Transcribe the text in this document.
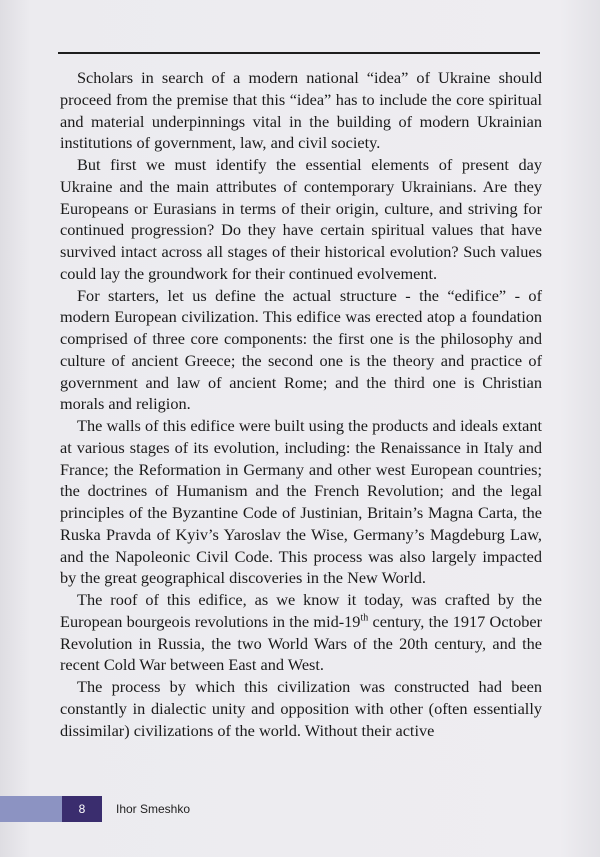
Scholars in search of a modern national “idea” of Ukraine should proceed from the premise that this “idea” has to include the core spiritual and material underpinnings vital in the building of modern Ukrainian institutions of government, law, and civil society.

But first we must identify the essential elements of present day Ukraine and the main attributes of contemporary Ukrainians. Are they Europeans or Eurasians in terms of their origin, culture, and striving for continued progression? Do they have certain spiritual values that have survived intact across all stages of their historical evolution? Such values could lay the groundwork for their continued evolvement.

For starters, let us define the actual structure - the “edifice” - of modern European civilization. This edifice was erected atop a foundation comprised of three core components: the first one is the philosophy and culture of ancient Greece; the second one is the theory and practice of government and law of ancient Rome; and the third one is Christian morals and religion.

The walls of this edifice were built using the products and ideals extant at various stages of its evolution, including: the Renaissance in Italy and France; the Reformation in Germany and other west European countries; the doctrines of Humanism and the French Revolution; and the legal principles of the Byzantine Code of Justinian, Britain’s Magna Carta, the Ruska Pravda of Kyiv’s Yaroslav the Wise, Germany’s Magdeburg Law, and the Napoleonic Civil Code. This process was also largely impacted by the great geographical discoveries in the New World.

The roof of this edifice, as we know it today, was crafted by the European bourgeois revolutions in the mid-19th century, the 1917 October Revolution in Russia, the two World Wars of the 20th century, and the recent Cold War between East and West.

The process by which this civilization was constructed had been constantly in dialectic unity and opposition with other (often essentially dissimilar) civilizations of the world. Without their active

8	Ihor Smeshko
